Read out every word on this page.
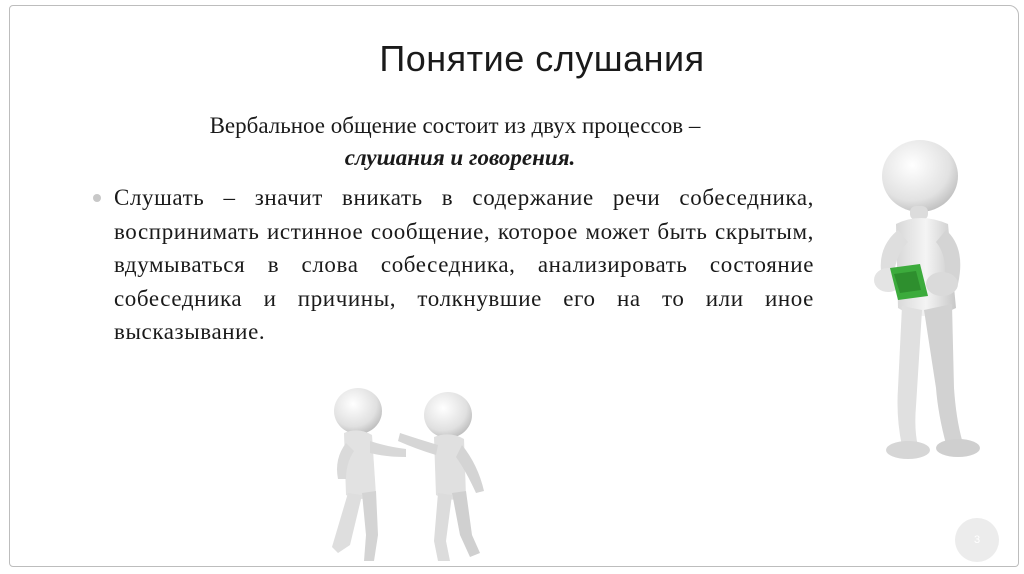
Понятие слушания
Вербальное общение состоит из двух процессов –
слушания и говорения.
Слушать – значит вникать в содержание речи собеседника, воспринимать истинное сообщение, которое может быть скрытым, вдумываться в слова собеседника, анализировать состояние собеседника и причины, толкнувшие его на то или иное высказывание.
3
